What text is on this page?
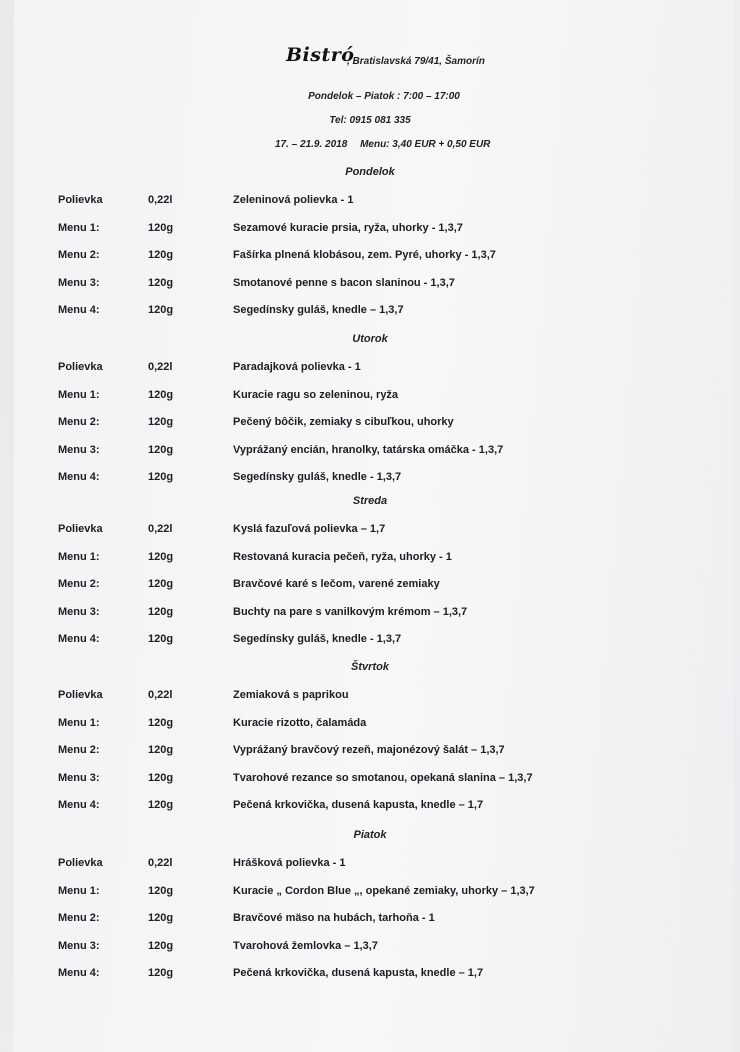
Bistró
, Bratislavská 79/41, Šamorín
Pondelok – Piatok : 7:00 – 17:00
Tel: 0915 081 335
17. – 21.9. 2018 Menu: 3,40 EUR + 0,50 EUR
Pondelok
Polievka	0,22l	Zeleninová polievka - 1
Menu 1:	120g	Sezamové kuracie prsia, ryža, uhorky - 1,3,7
Menu 2:	120g	Fašírka plnená klobásou, zem. Pyré, uhorky - 1,3,7
Menu 3:	120g	Smotanové penne s bacon slaninou - 1,3,7
Menu 4:	120g	Segedínsky guláš, knedle – 1,3,7
Utorok
Polievka	0,22l	Paradajková polievka - 1
Menu 1:	120g	Kuracie ragu so zeleninou, ryža
Menu 2:	120g	Pečený bôčik, zemiaky s cibuľkou, uhorky
Menu 3:	120g	Vyprážaný encián, hranolky, tatárska omáčka - 1,3,7
Menu 4:	120g	Segedínsky guláš, knedle - 1,3,7
Streda
Polievka	0,22l	Kyslá fazuľová polievka – 1,7
Menu 1:	120g	Restovaná kuracia pečeň, ryža, uhorky - 1
Menu 2:	120g	Bravčové karé s lečom, varené zemiaky
Menu 3:	120g	Buchty na pare s vanilkovým krémom – 1,3,7
Menu 4:	120g	Segedínsky guláš, knedle - 1,3,7
Štvrtok
Polievka	0,22l	Zemiaková s paprikou
Menu 1:	120g	Kuracie rizotto, čalamáda
Menu 2:	120g	Vyprážaný bravčový rezeň, majonézový šalát – 1,3,7
Menu 3:	120g	Tvarohové rezance so smotanou, opekaná slanina – 1,3,7
Menu 4:	120g	Pečená krkovička, dusená kapusta, knedle – 1,7
Piatok
Polievka	0,22l	Hrášková polievka - 1
Menu 1:	120g	Kuracie „ Cordon Blue „, opekané zemiaky, uhorky – 1,3,7
Menu 2:	120g	Bravčové mäso na hubách, tarhoňa - 1
Menu 3:	120g	Tvarohová žemlovka – 1,3,7
Menu 4:	120g	Pečená krkovička, dusená kapusta, knedle – 1,7
